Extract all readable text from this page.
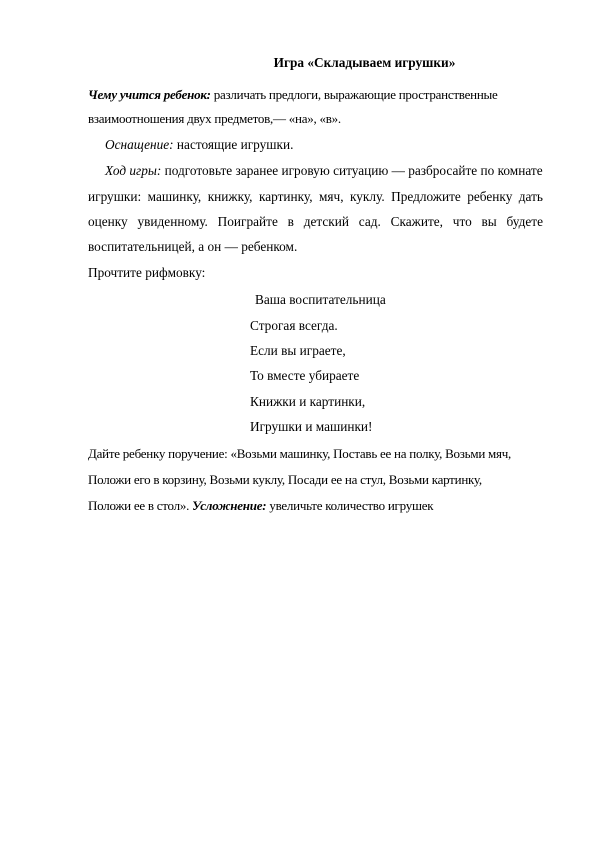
Игра «Складываем игрушки»
Чему учится ребенок: различать предлоги, выражающие пространственные
взаимоотношения двух предметов,— «на», «в».
Оснащение: настоящие игрушки.
Ход игры: подготовьте заранее игровую ситуацию — разбросайте по комнате
игрушки: машинку, книжку, картинку, мяч, куклу. Предложите ребенку дать
оценку увиденному. Поиграйте в детский сад. Скажите, что вы будете
воспитательницей, а он — ребенком.
Прочтите рифмовку:
Ваша воспитательница
Строгая всегда.
Если вы играете,
То вместе убираете
Книжки и картинки,
Игрушки и машинки!
Дайте ребенку поручение: «Возьми машинку, Поставь ее на полку, Возьми мяч,
Положи его в корзину, Возьми куклу, Посади ее на стул, Возьми картинку,
Положи ее в стол». Усложнение: увеличьте количество игрушек
